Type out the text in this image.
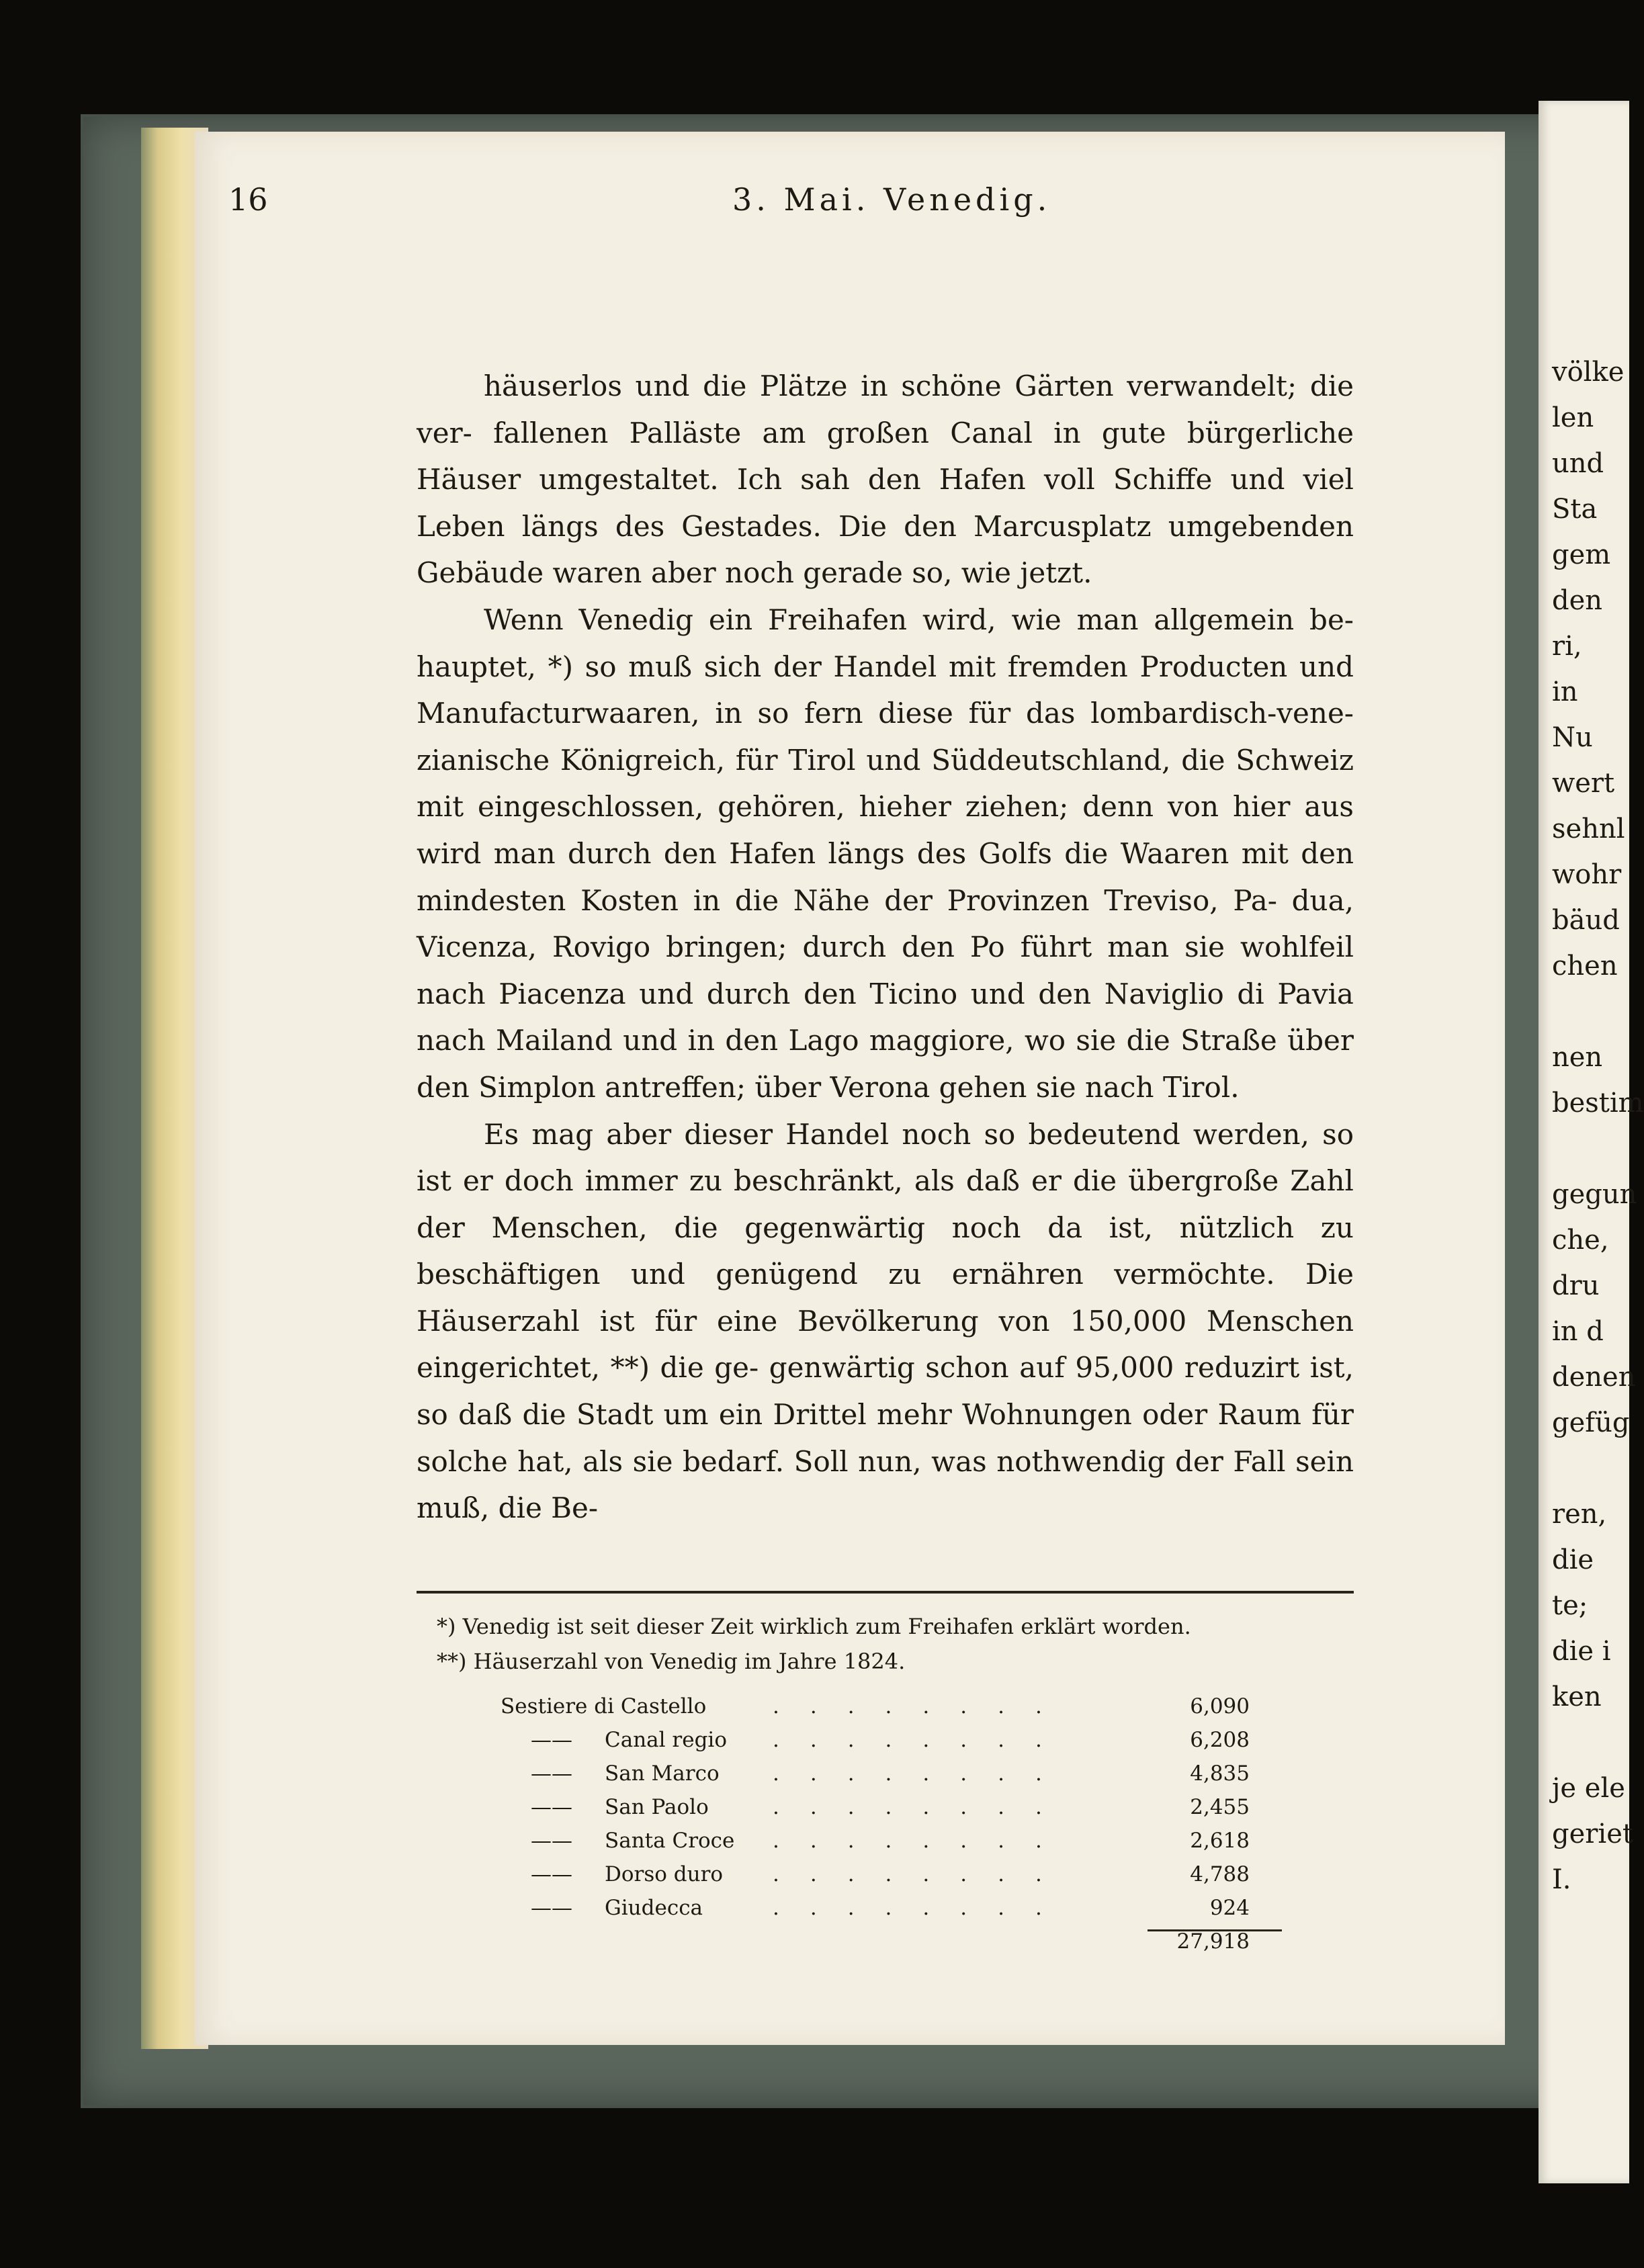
16	3. Mai. Venedig.

häuserlos und die Plätze in schöne Gärten verwandelt; die ver- fallenen Palläste am großen Canal in gute bürgerliche Häuser umgestaltet. Ich sah den Hafen voll Schiffe und viel Leben längs des Gestades. Die den Marcusplatz umgebenden Gebäude waren aber noch gerade so, wie jetzt.

Wenn Venedig ein Freihafen wird, wie man allgemein be- hauptet, *) so muß sich der Handel mit fremden Producten und Manufacturwaaren, in so fern diese für das lombardisch-vene- zianische Königreich, für Tirol und Süddeutschland, die Schweiz mit eingeschlossen, gehören, hieher ziehen; denn von hier aus wird man durch den Hafen längs des Golfs die Waaren mit den mindesten Kosten in die Nähe der Provinzen Treviso, Pa- dua, Vicenza, Rovigo bringen; durch den Po führt man sie wohlfeil nach Piacenza und durch den Ticino und den Naviglio di Pavia nach Mailand und in den Lago maggiore, wo sie die Straße über den Simplon antreffen; über Verona gehen sie nach Tirol.

Es mag aber dieser Handel noch so bedeutend werden, so ist er doch immer zu beschränkt, als daß er die übergroße Zahl der Menschen, die gegenwärtig noch da ist, nützlich zu beschäftigen und genügend zu ernähren vermöchte. Die Häuserzahl ist für eine Bevölkerung von 150,000 Menschen eingerichtet, **) die ge- genwärtig schon auf 95,000 reduzirt ist, so daß die Stadt um ein Drittel mehr Wohnungen oder Raum für solche hat, als sie bedarf. Soll nun, was nothwendig der Fall sein muß, die Be-

*) Venedig ist seit dieser Zeit wirklich zum Freihafen erklärt worden.

**) Häuserzahl von Venedig im Jahre 1824.

Sestiere di Castello	........	6,090
—— Canal regio ........	6,208
—— San Marco	........	4,835
—— San Paolo	........	2,455
—— Santa Croce ........	2,618
—— Dorso duro ........	4,788
—— Giudecca	........	924
27,918
völke
len
und
Sta
gem
den
ri,
in
Nu
wert
sehnl
wohr
bäud
chen

nen
bestim

gegun
che,
dru
in d
denen
gefüg

ren,
die
te;
die i
ken

je ele
geriet
I.
